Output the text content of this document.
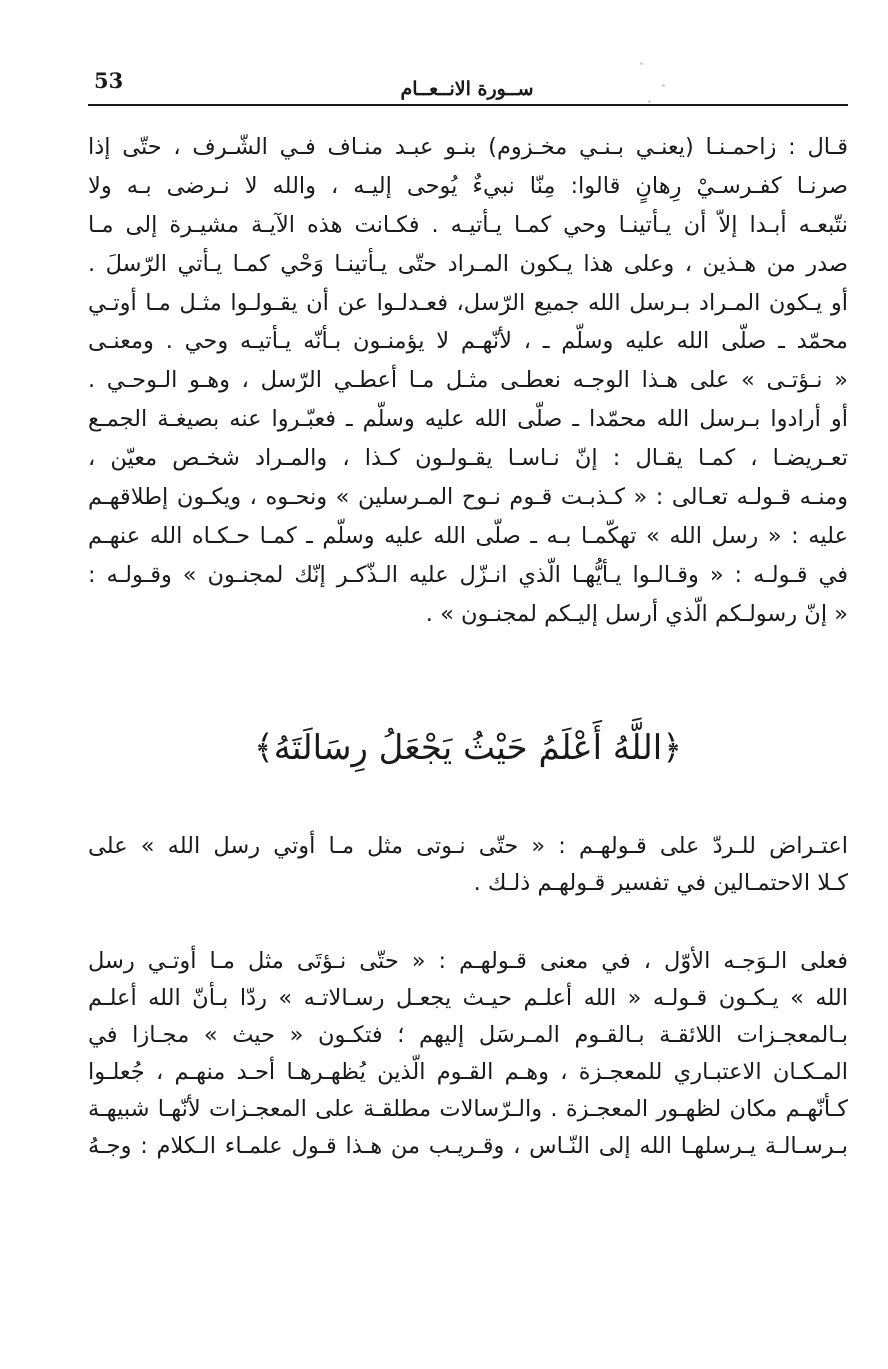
53	ســورة الانــعــام
قـال : زاحمـنـا (يعنـي بـنـي مخـزوم) بنـو عبـد منـاف فـي الشّـرف ، حتّى إذا
صرنـا كفـرسـيْ رِهانٍ قالوا: مِنّا نبيءٌ يُوحى إليـه ، والله لا نـرضى بـه ولا
نتّبعـه أبـدا إلاّ أن يـأتينـا وحي كمـا يـأتيـه . فكـانت هذه الآيـة مشيـرة إلى مـا
صدر من هـذين ، وعلى هذا يـكون المـراد حتّى يـأتينـا وَحْي كمـا يـأتي الرّسلَ .
أو يـكون المـراد بـرسل الله جميع الرّسل، فعـدلـوا عن أن يقـولـوا مثـل مـا أوتـي
محمّد ـ صلّى الله عليه وسلّم ـ ، لأنّهـم لا يؤمنـون بـأنّه يـأتيـه وحي . ومعنـى
« نـؤتـى » على هـذا الوجـه نعطـى مثـل مـا أعطـي الرّسل ، وهـو الـوحـي .
أو أرادوا بـرسل الله محمّدا ـ صلّى الله عليه وسلّم ـ فعبّـروا عنه بصيغـة الجمـع
تعـريضـا ، كمـا يقـال : إنّ نـاسـا يقـولـون كـذا ، والمـراد شخـص معيّن ،
ومنـه قـولـه تعـالى : « كـذبـت قـوم نـوح المـرسلين » ونحـوه ، ويكـون إطلاقهـم
عليه : « رسل الله » تهكّمـا بـه ـ صلّى الله عليه وسلّم ـ كمـا حـكـاه الله عنهـم
في قـولـه : « وقـالـوا يـأيُّهـا الّذي انـزّل عليه الـذّكـر إنّك لمجنـون » وقـولـه :
« إنّ رسولـكم الّذي أرسل إليـكم لمجنـون » .
﴿اللَّهُ أَعْلَمُ حَيْثُ يَجْعَلُ رِسَالَتَهُ﴾
اعتـراض للـردّ على قـولهـم : « حتّى نـوتى مثل مـا أوتي رسل الله » على
كـلا الاحتمـالين في تفسير قـولهـم ذلـك .
فعلى الـوَجـه الأوّل ، في معنى قـولهـم : « حتّى نـؤتَى مثل مـا أوتـي رسل
الله » يـكـون قـولـه « الله أعلـم حيـث يجعـل رسـالاتـه » ردّا بـأنّ الله أعلـم
بـالمعجـزات اللائقـة بـالقـوم المـرسَل إليهم ؛ فتكـون « حيث » مجـازا في
المـكـان الاعتبـاري للمعجـزة ، وهـم القـوم الّذين يُظهـرهـا أحـد منهـم ، جُعلـوا
كـأنّهـم مكان لظهـور المعجـزة . والـرّسالات مطلقـة على المعجـزات لأنّهـا شبيهـة
بـرسـالـة يـرسلهـا الله إلى النّـاس ، وقـريـب من هـذا قـول علمـاء الـكلام : وجـهُ
